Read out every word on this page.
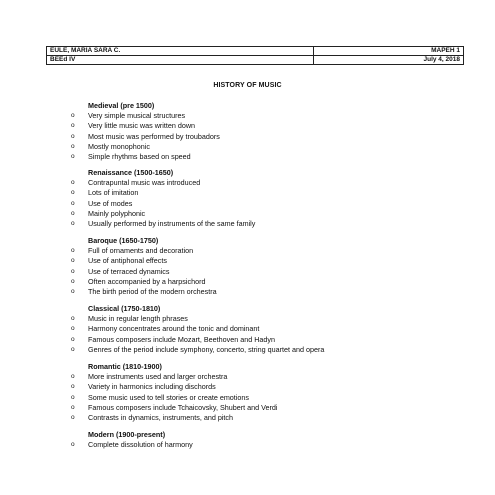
EULE, MARIA SARA C.	MAPEH 1
BEEd IV	July 4, 2018
HISTORY OF MUSIC
Medieval (pre 1500)
o Very simple musical structures
o Very little music was written down
o Most music was performed by troubadors
o Mostly monophonic
o Simple rhythms based on speed
Renaissance (1500-1650)
o Contrapuntal music was introduced
o Lots of imitation
o Use of modes
o Mainly polyphonic
o Usually performed by instruments of the same family
Baroque (1650-1750)
o Full of ornaments and decoration
o Use of antiphonal effects
o Use of terraced dynamics
o Often accompanied by a harpsichord
o The birth period of the modern orchestra
Classical (1750-1810)
o Music in regular length phrases
o Harmony concentrates around the tonic and dominant
o Famous composers include Mozart, Beethoven and Hadyn
o Genres of the period include symphony, concerto, string quartet and opera
Romantic (1810-1900)
o More instruments used and larger orchestra
o Variety in harmonics including dischords
o Some music used to tell stories or create emotions
o Famous composers include Tchaicovsky, Shubert and Verdi
o Contrasts in dynamics, instruments, and pitch
Modern (1900-present)
o Complete dissolution of harmony
